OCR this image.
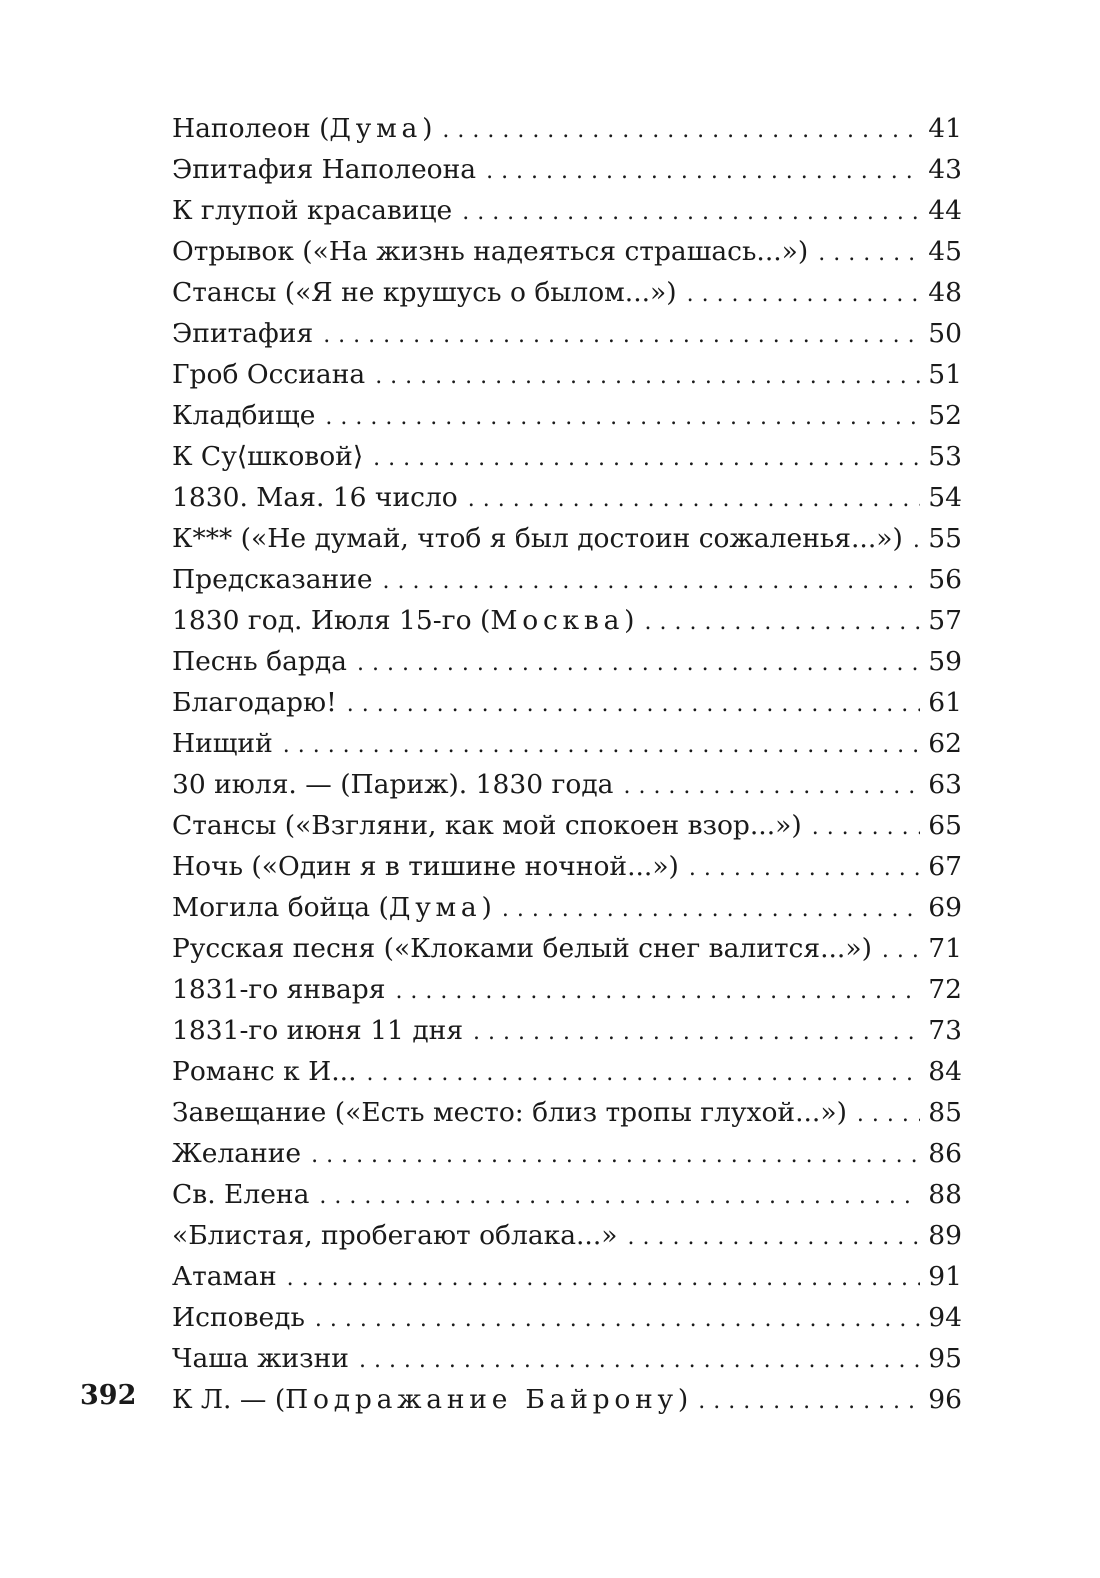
Наполеон (Дума) . . .	41
Эпитафия Наполеона . . .	43
К глупой красавице . . .	44
Отрывок («На жизнь надеяться страшась...») . . .	45
Стансы («Я не крушусь о былом...») . . .	48
Эпитафия . . .	50
Гроб Оссиана . . .	51
Кладбище . . .	52
К Су⟨шковой⟩ . . .	53
1830. Мая. 16 число . . .	54
К*** («Не думай, чтоб я был достоин сожаленья...») . . . 55
Предсказание . . .	56
1830 год. Июля 15-го (Москва) . . .	57
Песнь барда . . .	59
Благодарю! . . .	61
Нищий . . .	62
30 июля. — (Париж). 1830 года . . .	63
Стансы («Взгляни, как мой спокоен взор...») . . .	65
Ночь («Один я в тишине ночной...») . . .	67
Могила бойца (Дума) . . .	69
Русская песня («Клоками белый снег валится...») . . . 71
1831-го января . . .	72
1831-го июня 11 дня . . .	73
Романс к И... . . .	84
Завещание («Есть место: близ тропы глухой...») . . .	85
Желание . . .	86
Св. Елена . . .	88
«Блистая, пробегают облака...» . . .	89
Атаман . . .	91
Исповедь . . .	94
Чаша жизни . . .	95
К Л. — (Подражание Байрону) . . .	96
392
